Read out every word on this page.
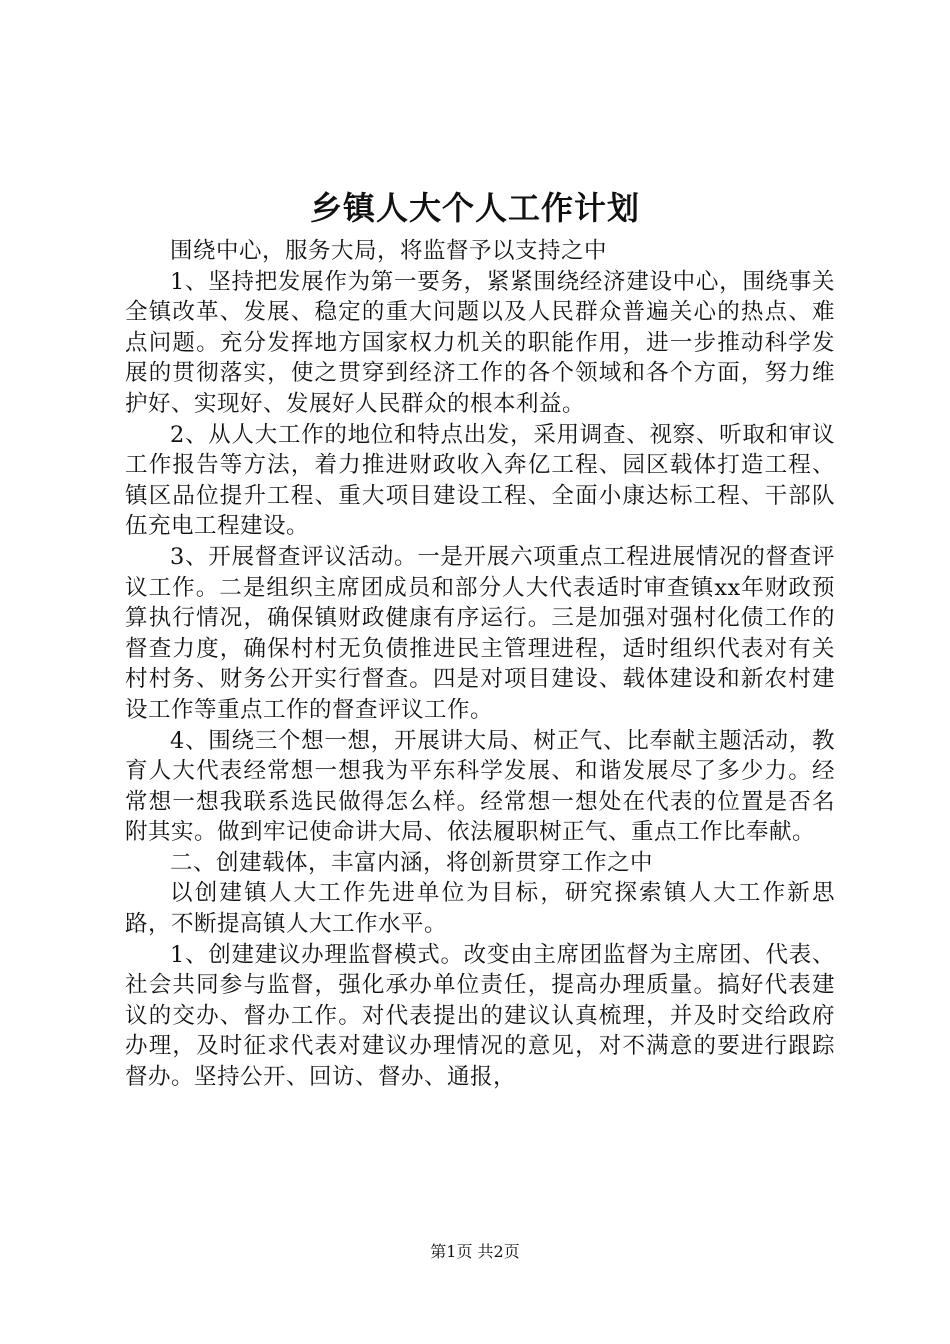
乡镇人大个人工作计划

围绕中心，服务大局，将监督予以支持之中

1、坚持把发展作为第一要务，紧紧围绕经济建设中心，围绕事关全镇改革、发展、稳定的重大问题以及人民群众普遍关心的热点、难点问题。充分发挥地方国家权力机关的职能作用，进一步推动科学发展的贯彻落实，使之贯穿到经济工作的各个领域和各个方面，努力维护好、实现好、发展好人民群众的根本利益。

2、从人大工作的地位和特点出发，采用调查、视察、听取和审议工作报告等方法，着力推进财政收入奔亿工程、园区载体打造工程、镇区品位提升工程、重大项目建设工程、全面小康达标工程、干部队伍充电工程建设。

3、开展督查评议活动。一是开展六项重点工程进展情况的督查评议工作。二是组织主席团成员和部分人大代表适时审查镇xx年财政预算执行情况，确保镇财政健康有序运行。三是加强对强村化债工作的督查力度，确保村村无负债推进民主管理进程，适时组织代表对有关村村务、财务公开实行督查。四是对项目建设、载体建设和新农村建设工作等重点工作的督查评议工作。

4、围绕三个想一想，开展讲大局、树正气、比奉献主题活动，教育人大代表经常想一想我为平东科学发展、和谐发展尽了多少力。经常想一想我联系选民做得怎么样。经常想一想处在代表的位置是否名附其实。做到牢记使命讲大局、依法履职树正气、重点工作比奉献。

二、创建载体，丰富内涵，将创新贯穿工作之中

以创建镇人大工作先进单位为目标，研究探索镇人大工作新思路，不断提高镇人大工作水平。

1、创建建议办理监督模式。改变由主席团监督为主席团、代表、社会共同参与监督，强化承办单位责任，提高办理质量。搞好代表建议的交办、督办工作。对代表提出的建议认真梳理，并及时交给政府办理，及时征求代表对建议办理情况的意见，对不满意的要进行跟踪督办。坚持公开、回访、督办、通报，

第1页 共2页
